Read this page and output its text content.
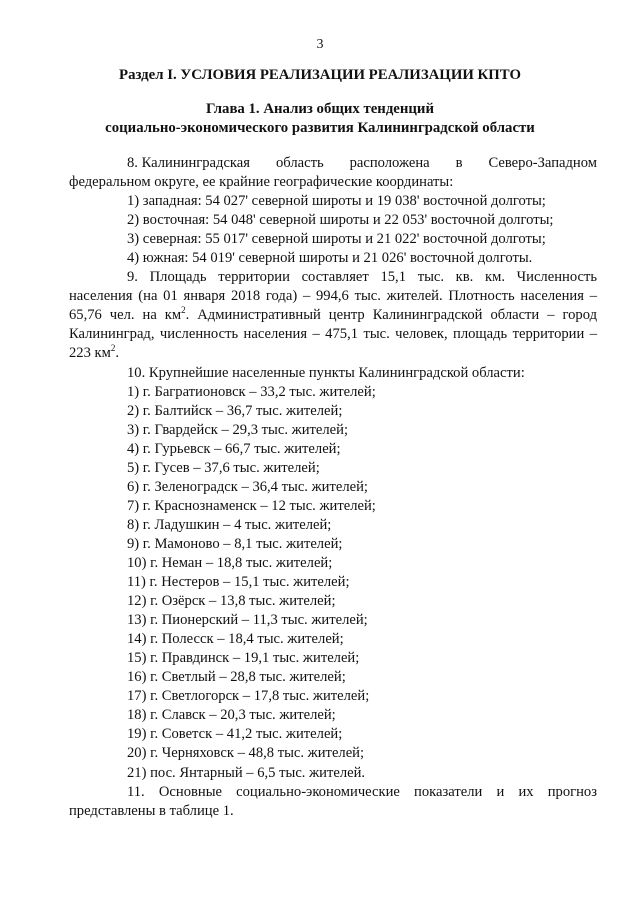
3
Раздел I. УСЛОВИЯ РЕАЛИЗАЦИИ РЕАЛИЗАЦИИ КПТО
Глава 1. Анализ общих тенденций
социально-экономического развития Калининградской области
8. Калининградская область расположена в Северо-Западном
федеральном округе, ее крайние географические координаты:
1) западная: 54 027' северной широты и 19 038' восточной долготы;
2) восточная: 54 048' северной широты и 22 053' восточной долготы;
3) северная: 55 017' северной широты и 21 022' восточной долготы;
4) южная: 54 019' северной широты и 21 026' восточной долготы.

9. Площадь территории составляет 15,1 тыс. кв. км. Численность населения (на 01 января 2018 года) – 994,6 тыс. жителей. Плотность населения – 65,76 чел. на $км^2$. Административный центр Калининградской области – город Калининград, численность населения – 475,1 тыс. человек, площадь территории – 223 $км^2$.

10. Крупнейшие населенные пункты Калининградской области:
1) г. Багратионовск – 33,2 тыс. жителей;
2) г. Балтийск – 36,7 тыс. жителей;
3) г. Гвардейск – 29,3 тыс. жителей;
4) г. Гурьевск – 66,7 тыс. жителей;
5) г. Гусев – 37,6 тыс. жителей;
6) г. Зеленоградск – 36,4 тыс. жителей;
7) г. Краснознаменск – 12 тыс. жителей;
8) г. Ладушкин – 4 тыс. жителей;
9) г. Мамоново – 8,1 тыс. жителей;
10) г. Неман – 18,8 тыс. жителей;
11) г. Нестеров – 15,1 тыс. жителей;
12) г. Озёрск – 13,8 тыс. жителей;
13) г. Пионерский – 11,3 тыс. жителей;
14) г. Полесск – 18,4 тыс. жителей;
15) г. Правдинск – 19,1 тыс. жителей;
16) г. Светлый – 28,8 тыс. жителей;
17) г. Светлогорск – 17,8 тыс. жителей;
18) г. Славск – 20,3 тыс. жителей;
19) г. Советск – 41,2 тыс. жителей;
20) г. Черняховск – 48,8 тыс. жителей;
21) пос. Янтарный – 6,5 тыс. жителей.

11. Основные социально-экономические показатели и их прогноз представлены в таблице 1.
